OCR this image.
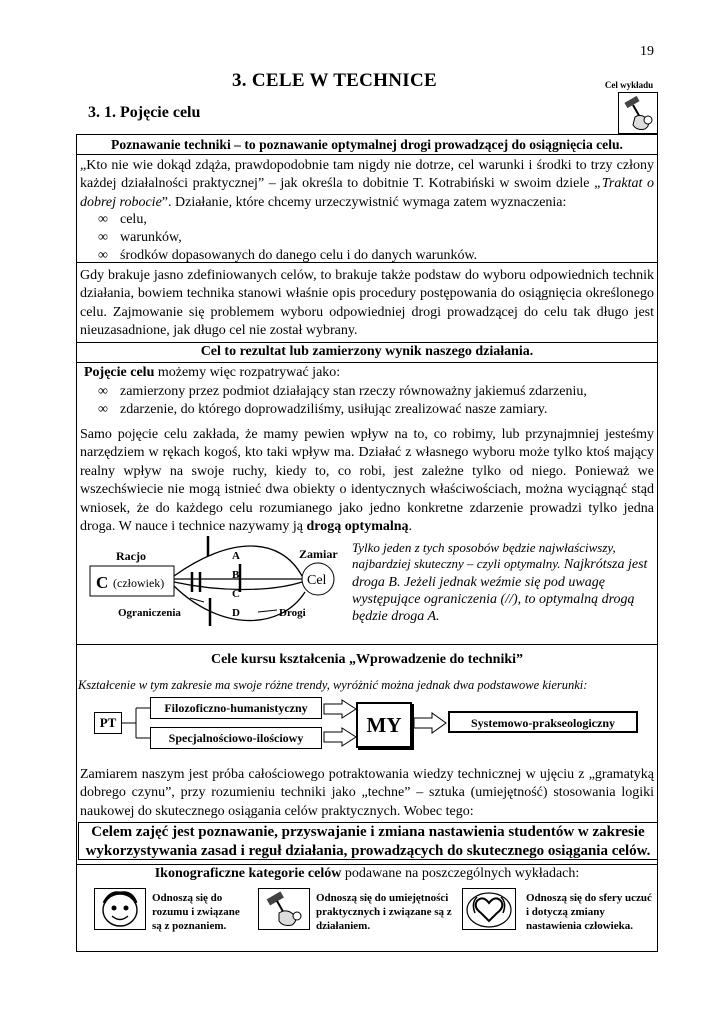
19
3. CELE W TECHNICE
3. 1. Pojęcie celu
Cel wykładu
Poznawanie techniki – to poznawanie optymalnej drogi prowadzącej do osiągnięcia celu.
„Kto nie wie dokąd zdąża, prawdopodobnie tam nigdy nie dotrze, cel warunki i środki to trzy człony każdej działalności praktycznej” – jak określa to dobitnie T. Kotrabiński w swoim dziele „Traktat o dobrej robocie”. Działanie, które chcemy urzeczywistnić wymaga zatem wyznaczenia:
∞ celu,
∞ warunków,
∞ środków dopasowanych do danego celu i do danych warunków.
Gdy brakuje jasno zdefiniowanych celów, to brakuje także podstaw do wyboru odpowiednich technik działania, bowiem technika stanowi właśnie opis procedury postępowania do osiągnięcia określonego celu. Zajmowanie się problemem wyboru odpowiedniej drogi prowadzącej do celu tak długo jest nieuzasadnione, jak długo cel nie został wybrany.
Cel to rezultat lub zamierzony wynik naszego działania.
Pojęcie celu możemy więc rozpatrywać jako:
∞ zamierzony przez podmiot działający stan rzeczy równoważny jakiemuś zdarzeniu,
∞ zdarzenie, do którego doprowadziliśmy, usiłując zrealizować nasze zamiary.
Samo pojęcie celu zakłada, że mamy pewien wpływ na to, co robimy, lub przynajmniej jesteśmy narzędziem w rękach kogoś, kto taki wpływ ma. Działać z własnego wyboru może tylko ktoś mający realny wpływ na swoje ruchy, kiedy to, co robi, jest zależne tylko od niego. Ponieważ we wszechświecie nie mogą istnieć dwa obiekty o identycznych właściwościach, można wyciągnąć stąd wniosek, że do każdego celu rozumianego jako jedno konkretne zdarzenie prowadzi tylko jedna droga. W nauce i technice nazywamy ją drogą optymalną.
Racjo
C (człowiek)
A
B
C
D
Zamiar
Cel
Ograniczenia	Drogi
Tylko jeden z tych sposobów będzie najwłaściwszy, najbardziej skuteczny – czyli optymalny. Najkrótsza jest droga B. Jeżeli jednak weźmie się pod uwagę występujące ograniczenia (//), to optymalną drogą będzie droga A.
Cele kursu kształcenia „Wprowadzenie do techniki”
Kształcenie w tym zakresie ma swoje różne trendy, wyróżnić można jednak dwa podstawowe kierunki:
PT
Filozoficzno-humanistyczny
Specjalnościowo-ilościowy
MY	Systemowo-prakseologiczny
Zamiarem naszym jest próba całościowego potraktowania wiedzy technicznej w ujęciu z „gramatyką dobrego czynu”, przy rozumieniu techniki jako „techne” – sztuka (umiejętność) stosowania logiki naukowej do skutecznego osiągania celów praktycznych. Wobec tego:
Celem zajęć jest poznawanie, przyswajanie i zmiana nastawienia studentów w zakresie wykorzystywania zasad i reguł działania, prowadzących do skutecznego osiągania celów.
Ikonograficzne kategorie celów podawane na poszczególnych wykładach:
Odnoszą się do rozumu i związane są z poznaniem.
Odnoszą się do umiejętności praktycznych i związane są z działaniem.
Odnoszą się do sfery uczuć i dotyczą zmiany nastawienia człowieka.
